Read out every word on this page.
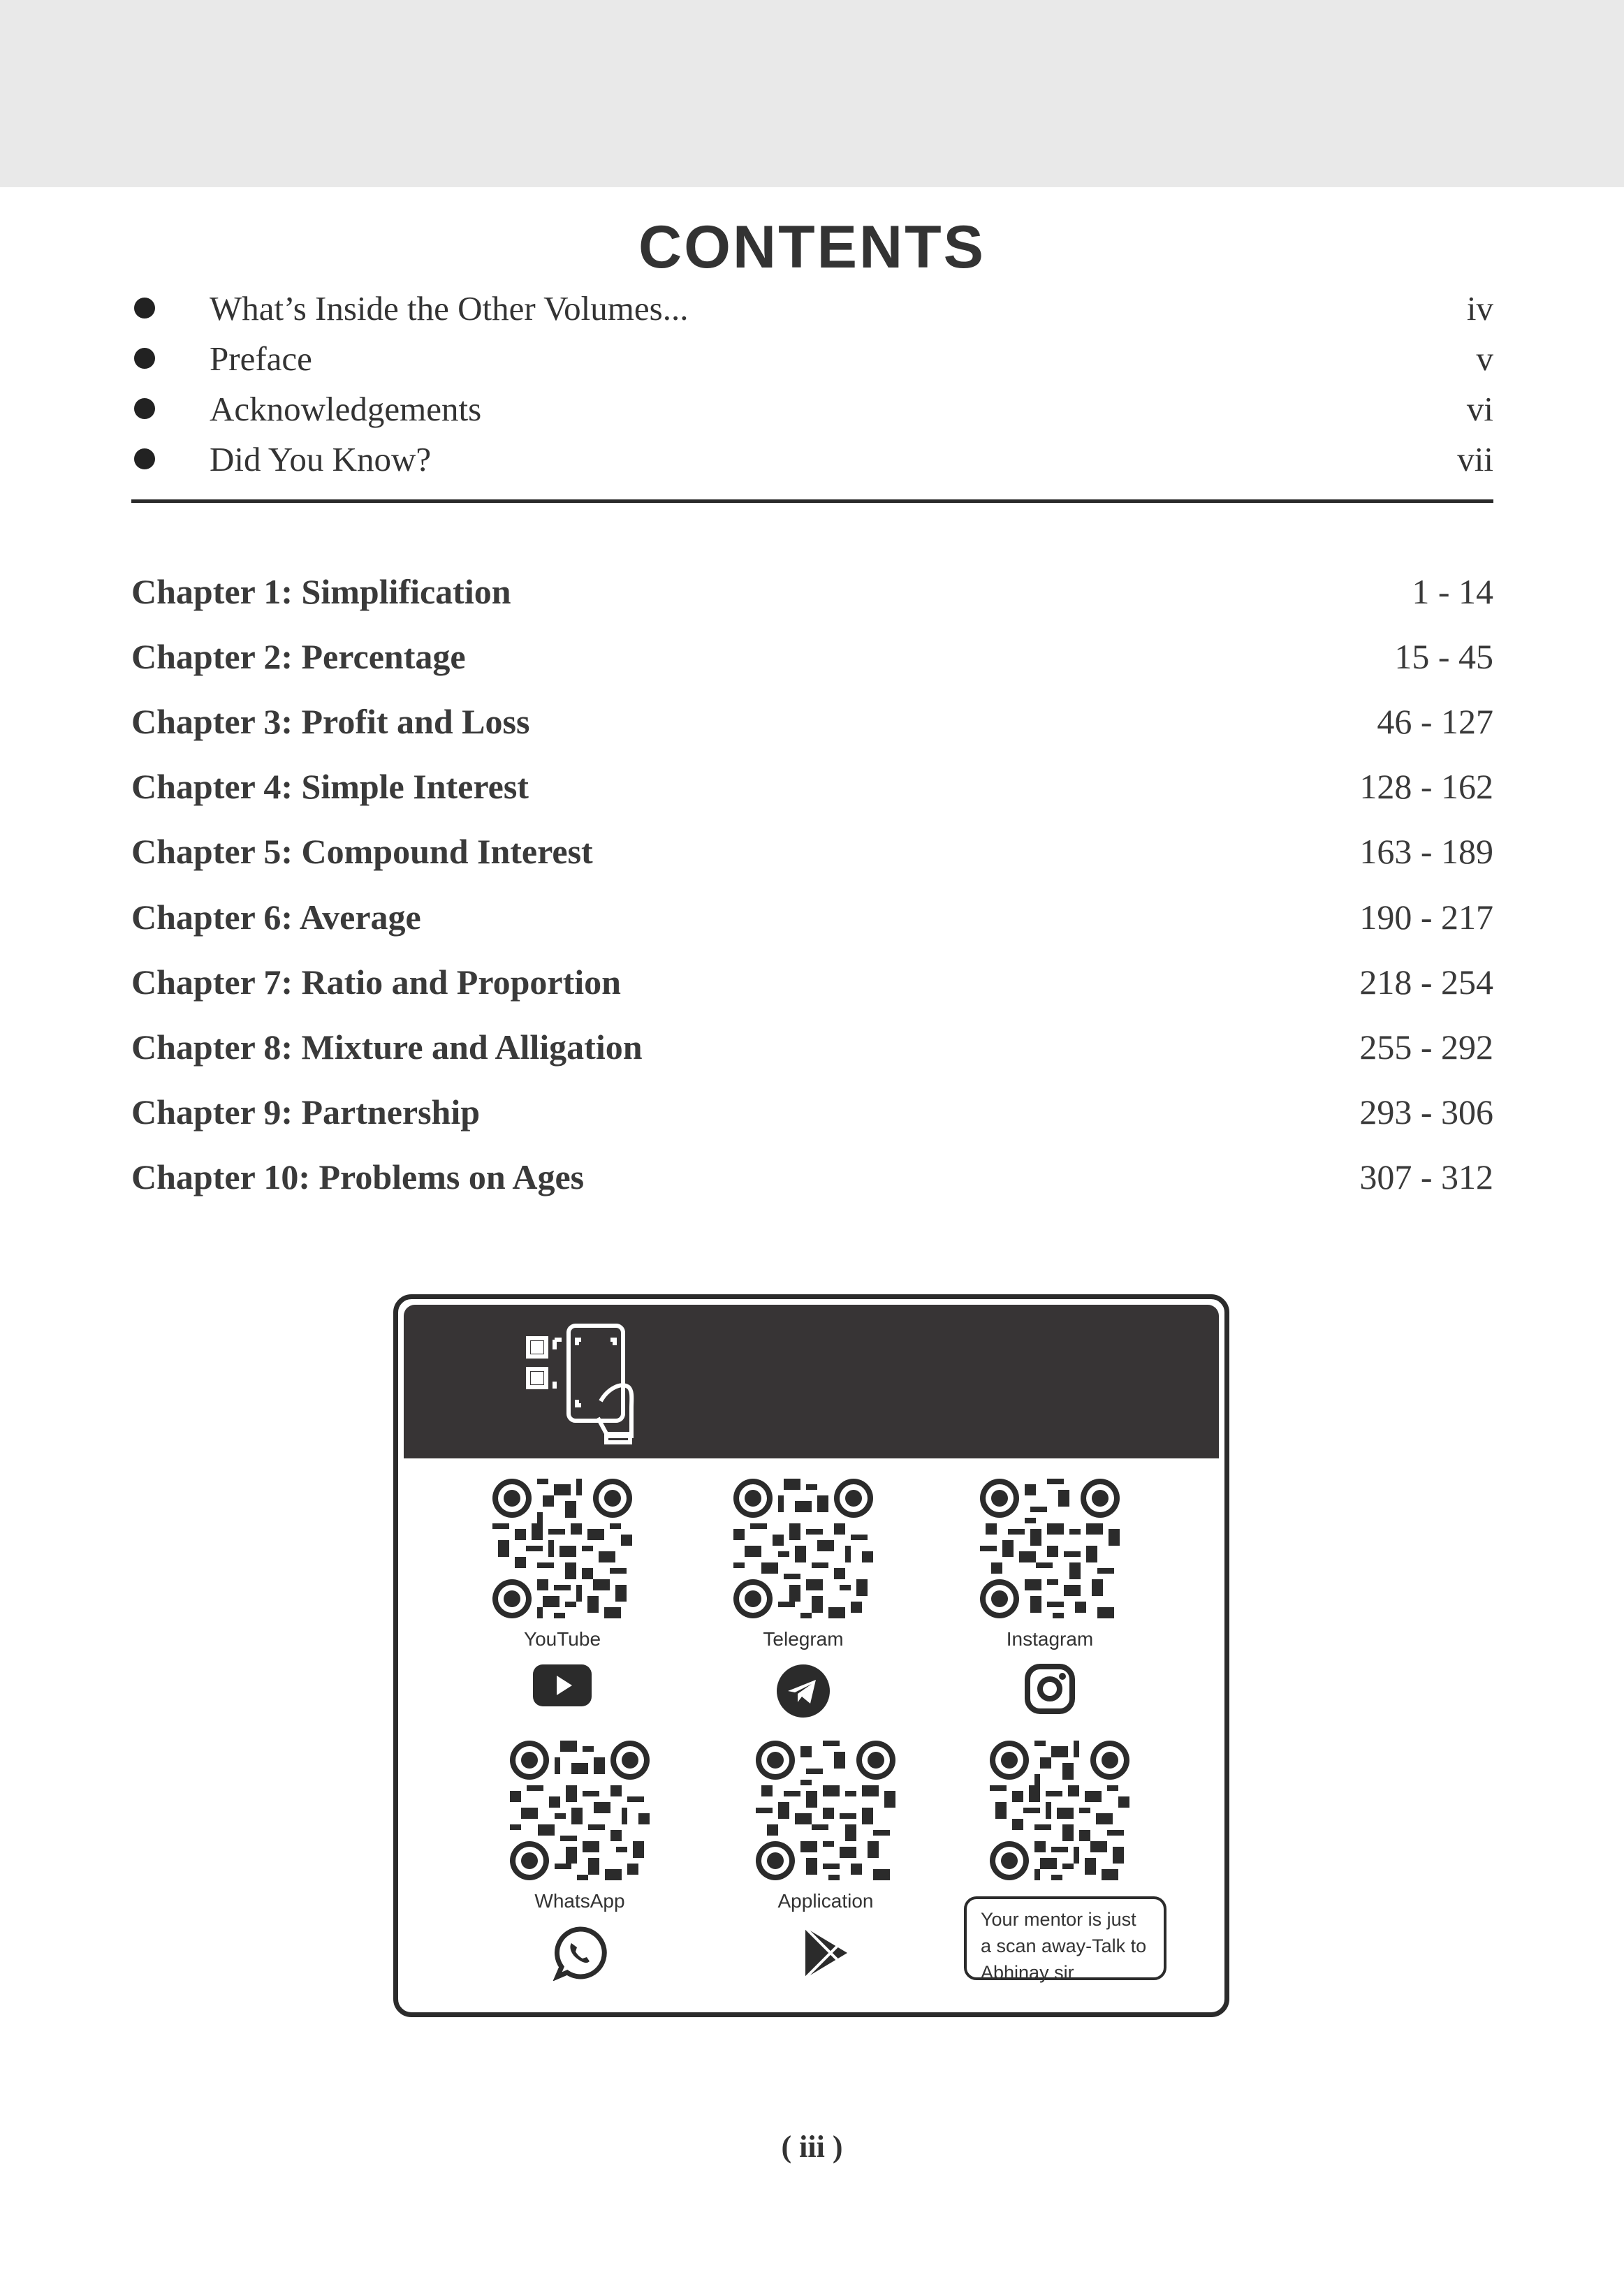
CONTENTS
What’s Inside the Other Volumes...	iv
Preface	v
Acknowledgements	vi
Did You Know?	vii
Chapter 1: Simplification	1 - 14
Chapter 2: Percentage	15 - 45
Chapter 3: Profit and Loss	46 - 127
Chapter 4: Simple Interest	128 - 162
Chapter 5: Compound Interest	163 - 189
Chapter 6: Average	190 - 217
Chapter 7: Ratio and Proportion	218 - 254
Chapter 8: Mixture and Alligation	255 - 292
Chapter 9: Partnership	293 - 306
Chapter 10: Problems on Ages	307 - 312
YouTube	Telegram	Instagram
WhatsApp	Application
Your mentor is just a scan away-Talk to Abhinay sir
( iii )
